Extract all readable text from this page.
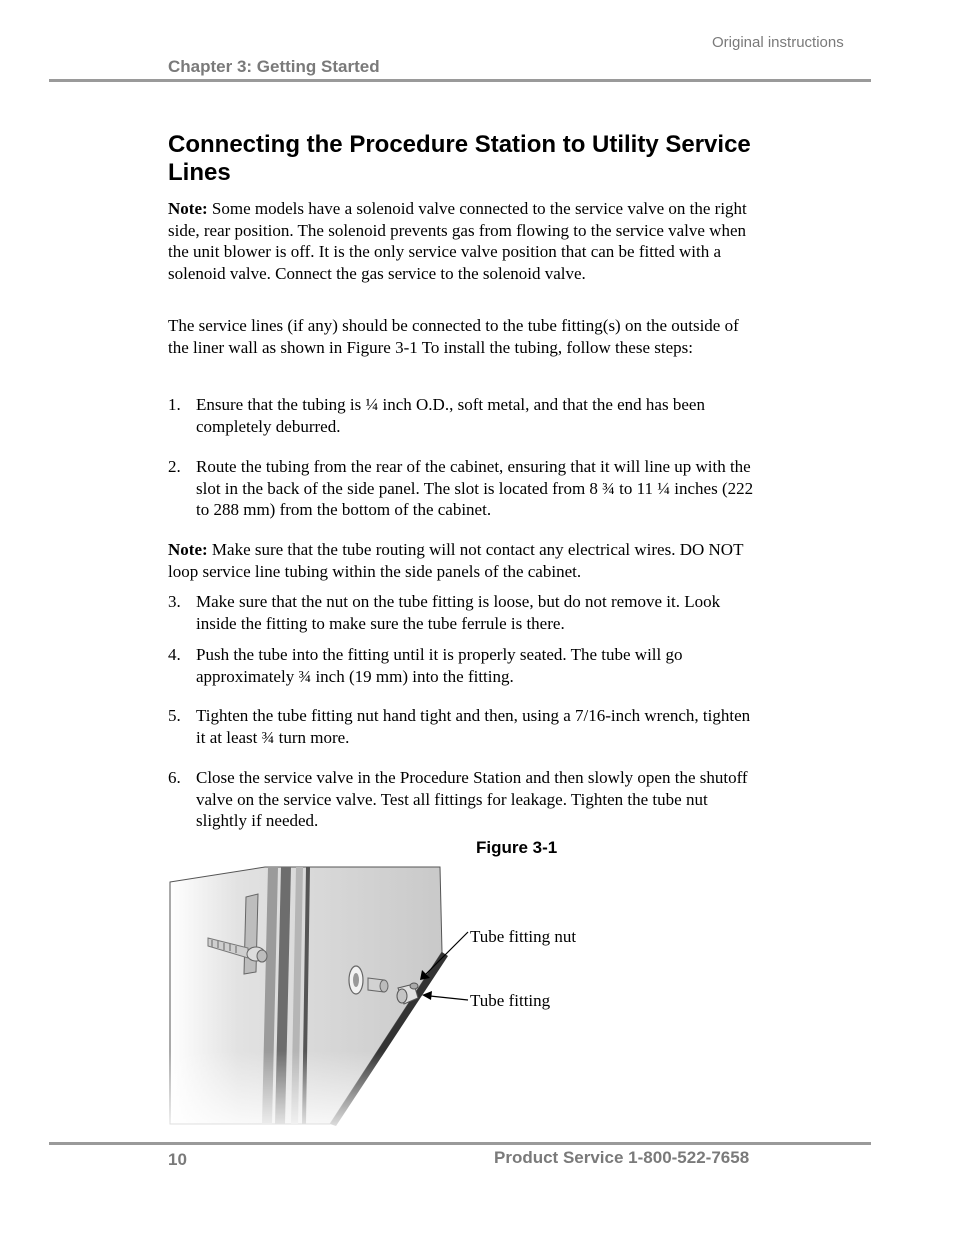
Original instructions
Chapter 3: Getting Started
Connecting the Procedure Station to Utility Service Lines

Note: Some models have a solenoid valve connected to the service valve on the right side, rear position. The solenoid prevents gas from flowing to the service valve when the unit blower is off. It is the only service valve position that can be fitted with a solenoid valve. Connect the gas service to the solenoid valve.

The service lines (if any) should be connected to the tube fitting(s) on the outside of the liner wall as shown in Figure 3-1 To install the tubing, follow these steps:

1. Ensure that the tubing is ¼ inch O.D., soft metal, and that the end has been completely deburred.
2. Route the tubing from the rear of the cabinet, ensuring that it will line up with the slot in the back of the side panel. The slot is located from 8 ¾ to 11 ¼ inches (222 to 288 mm) from the bottom of the cabinet.

Note: Make sure that the tube routing will not contact any electrical wires. DO NOT loop service line tubing within the side panels of the cabinet.

3. Make sure that the nut on the tube fitting is loose, but do not remove it. Look inside the fitting to make sure the tube ferrule is there.
4. Push the tube into the fitting until it is properly seated. The tube will go approximately ¾ inch (19 mm) into the fitting.
5. Tighten the tube fitting nut hand tight and then, using a 7/16-inch wrench, tighten it at least ¾ turn more.
6. Close the service valve in the Procedure Station and then slowly open the shutoff valve on the service valve. Test all fittings for leakage. Tighten the tube nut slightly if needed.
Figure 3-1
Tube fitting nut
Tube fitting
10	Product Service 1-800-522-7658
